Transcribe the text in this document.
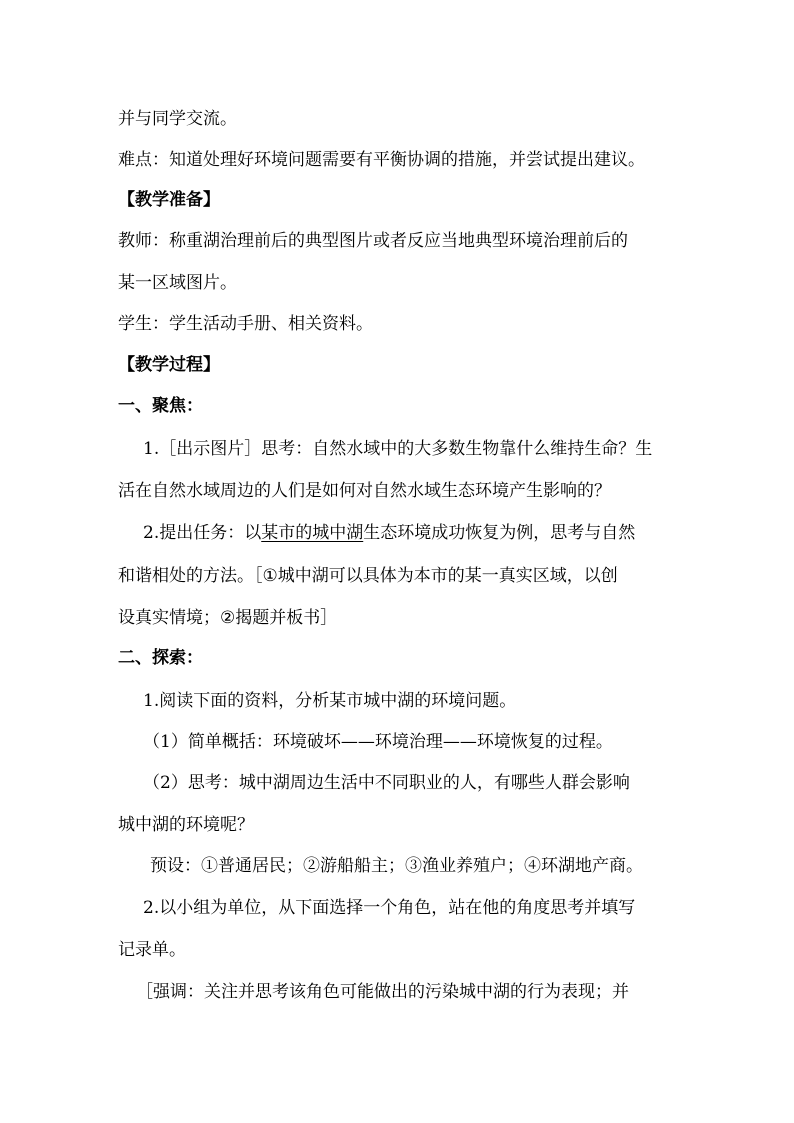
并与同学交流。
难点：知道处理好环境问题需要有平衡协调的措施，并尝试提出建议。
【教学准备】
教师：称重湖治理前后的典型图片或者反应当地典型环境治理前后的
某一区域图片。
学生：学生活动手册、相关资料。
【教学过程】
一、聚焦：
1.［出示图片］思考：自然水域中的大多数生物靠什么维持生命？生
活在自然水域周边的人们是如何对自然水域生态环境产生影响的？
2.提出任务：以某市的城中湖生态环境成功恢复为例，思考与自然
和谐相处的方法。［①城中湖可以具体为本市的某一真实区域，以创
设真实情境；②揭题并板书］
二、探索：
1.阅读下面的资料，分析某市城中湖的环境问题。
（1）简单概括：环境破坏——环境治理——环境恢复的过程。
（2）思考：城中湖周边生活中不同职业的人，有哪些人群会影响
城中湖的环境呢？
预设：①普通居民；②游船船主；③渔业养殖户；④环湖地产商。
2.以小组为单位，从下面选择一个角色，站在他的角度思考并填写
记录单。
［强调：关注并思考该角色可能做出的污染城中湖的行为表现；并
